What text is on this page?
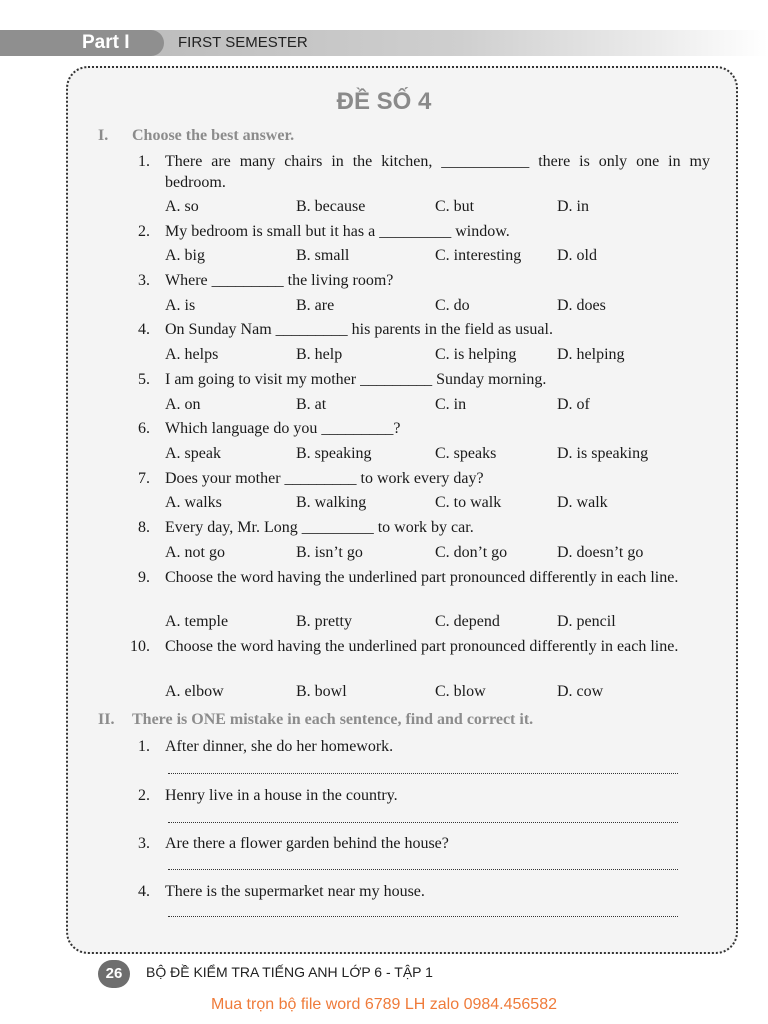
Part I	FIRST SEMESTER
ĐỀ SỐ 4
I. Choose the best answer.
1. There are many chairs in the kitchen, ___________ there is only one in my bedroom.
A. so	B. because	C. but	D. in
2. My bedroom is small but it has a _________ window.
A. big	B. small	C. interesting D. old
3. Where _________ the living room?
A. is	B. are	C. do	D. does
4. On Sunday Nam _________ his parents in the field as usual.
A. helps	B. help	C. is helping	D. helping
5. I am going to visit my mother _________ Sunday morning.
A. on	B. at	C. in	D. of
6. Which language do you _________?
A. speak	B. speaking	C. speaks	D. is speaking
7. Does your mother _________ to work every day?
A. walks	B. walking	C. to walk	D. walk
8. Every day, Mr. Long _________ to work by car.
A. not go	B. isn’t go	C. don’t go	D. doesn’t go
9. Choose the word having the underlined part pronounced differently in each line.
A. temple	B. pretty	C. depend	D. pencil
10. Choose the word having the underlined part pronounced differently in each line.
A. elbow	B. bowl	C. blow	D. cow
II. There is ONE mistake in each sentence, find and correct it.
1. After dinner, she do her homework.
2. Henry live in a house in the country.
3. Are there a flower garden behind the house?
4. There is the supermarket near my house.
26	BỘ ĐỀ KIỂM TRA TIẾNG ANH LỚP 6 - TẬP 1
Mua trọn bộ file word 6789 LH zalo 0984.456582
